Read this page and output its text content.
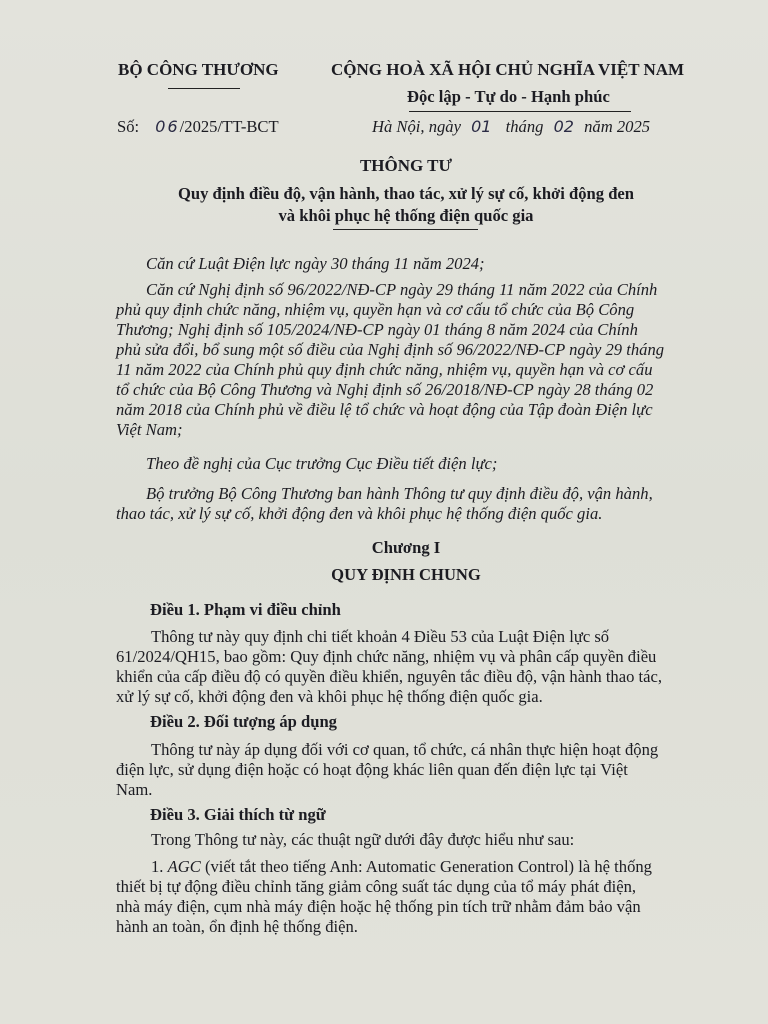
BỘ CÔNG THƯƠNG	CỘNG HOÀ XÃ HỘI CHỦ NGHĨA VIỆT NAM
Độc lập - Tự do - Hạnh phúc
Số: 06/2025/TT-BCT	Hà Nội, ngày 01 tháng 02 năm 2025
THÔNG TƯ
Quy định điều độ, vận hành, thao tác, xử lý sự cố, khởi động đen
và khôi phục hệ thống điện quốc gia
Căn cứ Luật Điện lực ngày 30 tháng 11 năm 2024;
Căn cứ Nghị định số 96/2022/NĐ-CP ngày 29 tháng 11 năm 2022 của Chính
phủ quy định chức năng, nhiệm vụ, quyền hạn và cơ cấu tổ chức của Bộ Công
Thương; Nghị định số 105/2024/NĐ-CP ngày 01 tháng 8 năm 2024 của Chính
phủ sửa đổi, bổ sung một số điều của Nghị định số 96/2022/NĐ-CP ngày 29 tháng
11 năm 2022 của Chính phủ quy định chức năng, nhiệm vụ, quyền hạn và cơ cấu
tổ chức của Bộ Công Thương và Nghị định số 26/2018/NĐ-CP ngày 28 tháng 02
năm 2018 của Chính phủ về điều lệ tổ chức và hoạt động của Tập đoàn Điện lực
Việt Nam;
Theo đề nghị của Cục trưởng Cục Điều tiết điện lực;
Bộ trưởng Bộ Công Thương ban hành Thông tư quy định điều độ, vận hành,
thao tác, xử lý sự cố, khởi động đen và khôi phục hệ thống điện quốc gia.
Chương I
QUY ĐỊNH CHUNG
Điều 1. Phạm vi điều chỉnh
Thông tư này quy định chi tiết khoản 4 Điều 53 của Luật Điện lực số
61/2024/QH15, bao gồm: Quy định chức năng, nhiệm vụ và phân cấp quyền điều
khiển của cấp điều độ có quyền điều khiển, nguyên tắc điều độ, vận hành thao tác,
xử lý sự cố, khởi động đen và khôi phục hệ thống điện quốc gia.
Điều 2. Đối tượng áp dụng
Thông tư này áp dụng đối với cơ quan, tổ chức, cá nhân thực hiện hoạt động
điện lực, sử dụng điện hoặc có hoạt động khác liên quan đến điện lực tại Việt
Nam.
Điều 3. Giải thích từ ngữ
Trong Thông tư này, các thuật ngữ dưới đây được hiểu như sau:
1. AGC (viết tắt theo tiếng Anh: Automatic Generation Control) là hệ thống
thiết bị tự động điều chỉnh tăng giảm công suất tác dụng của tổ máy phát điện,
nhà máy điện, cụm nhà máy điện hoặc hệ thống pin tích trữ nhằm đảm bảo vận
hành an toàn, ổn định hệ thống điện.
